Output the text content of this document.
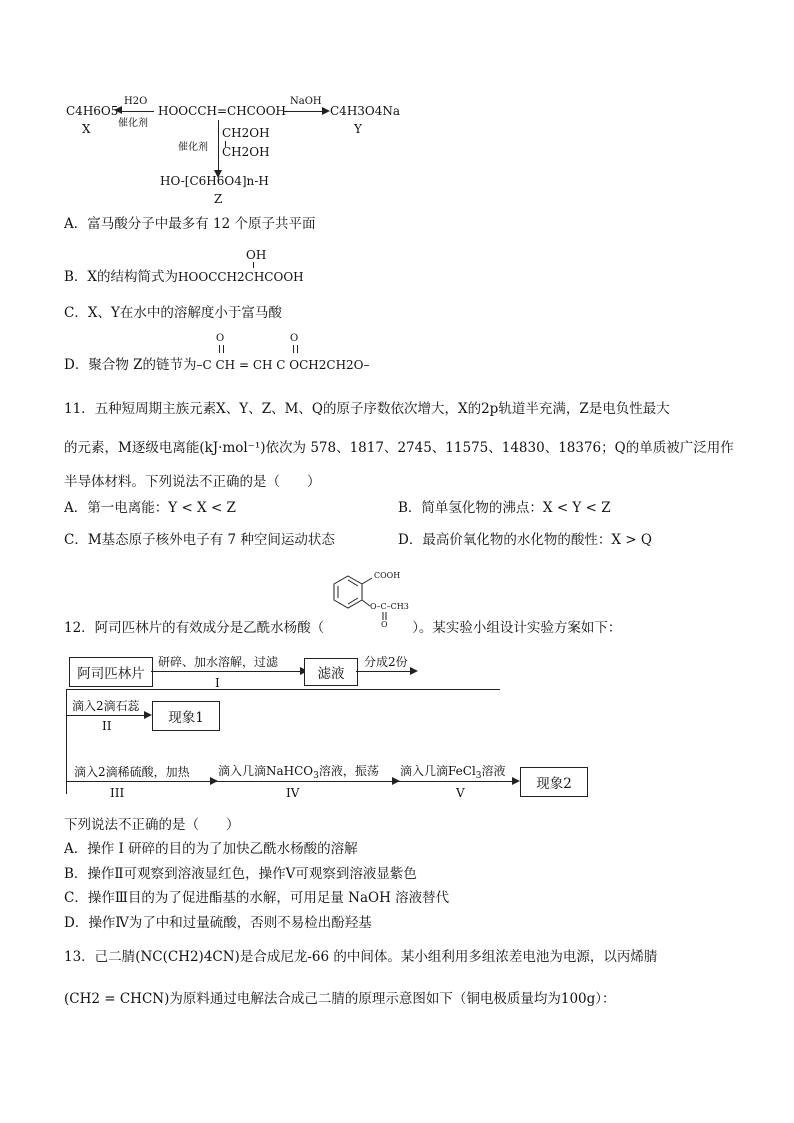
C4H6O5
X
H2O
催化剂
HOOCCH=CHCOOH
NaOH
C4H3O4Na
Y
催化剂
CH2OH
CH2OH
HO-[C6H6O4]n-H
Z
A．富马酸分子中最多有 12 个原子共平面
OH
B．X的结构简式为HOOCCH2CHCOOH
C．X、Y在水中的溶解度小于富马酸
O	O
D．聚合物 Z的链节为–C CH = CH C OCH2CH2O–
11．五种短周期主族元素X、Y、Z、M、Q的原子序数依次增大，X的2p轨道半充满，Z是电负性最大
的元素，M逐级电离能(kJ·mol⁻¹)依次为 578、1817、2745、11575、14830、18376；Q的单质被广泛用作
半导体材料。下列说法不正确的是（　　）
A．第一电离能：Y < X < Z	B．简单氢化物的沸点：X < Y < Z
C．M基态原子核外电子有 7 种空间运动状态	D．最高价氧化物的水化物的酸性：X > Q
COOH
O–C–CH3
O
12．阿司匹林片的有效成分是乙酰水杨酸（	）。某实验小组设计实验方案如下：
阿司匹林片
研碎、加水溶解，过滤
I
滤液
分成2份
滴入2滴石蕊
II	现象1
滴入2滴稀硫酸，加热
III
滴入几滴NaHCO$_3$溶液，振荡
IV
滴入几滴FeCl$_3$溶液
V
现象2
下列说法不正确的是（　　）
A．操作 I 研碎的目的为了加快乙酰水杨酸的溶解
B．操作Ⅱ可观察到溶液显红色，操作Ⅴ可观察到溶液显紫色
C．操作Ⅲ目的为了促进酯基的水解，可用足量 NaOH 溶液替代
D．操作Ⅳ为了中和过量硫酸，否则不易检出酚羟基
13．己二腈(NC(CH2)4CN)是合成尼龙-66 的中间体。某小组利用多组浓差电池为电源，以丙烯腈
(CH2 = CHCN)为原料通过电解法合成己二腈的原理示意图如下（铜电极质量均为100g）：
